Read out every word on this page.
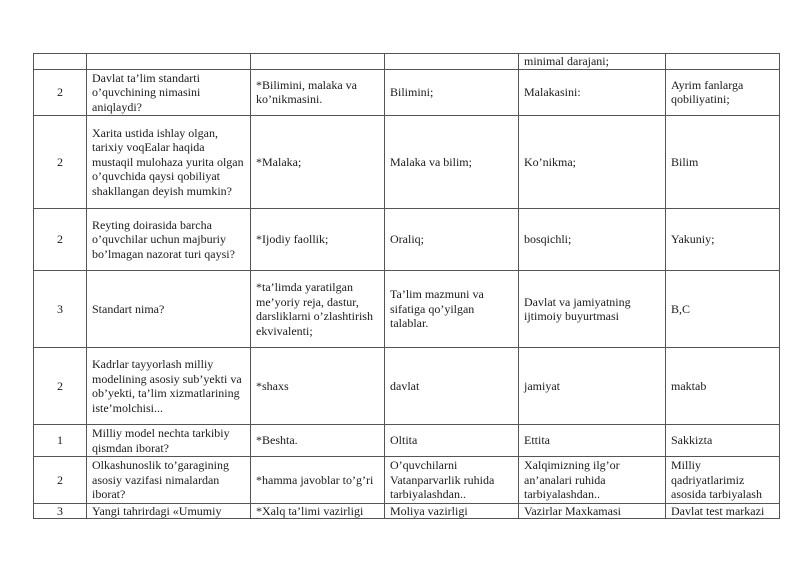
				minimal darajani;	
2	Davlat ta’lim standarti o’quvchining nimasini aniqlaydi?	*Bilimini, malaka va ko’nikmasini.	Bilimini;	Malakasini:	Ayrim fanlarga qobiliyatini;
2	Xarita ustida ishlay olgan, tarixiy voqEalar haqida mustaqil mulohaza yurita olgan o’quvchida qaysi qobiliyat shakllangan deyish mumkin?	*Malaka;	Malaka va bilim;	Ko’nikma;	Bilim
2	Reyting doirasida barcha o’quvchilar uchun majburiy bo’lmagan nazorat turi qaysi?	*Ijodiy faollik;	Oraliq;	bosqichli;	Yakuniy;
3	Standart nima?	*ta’limda yaratilgan me’yoriy reja, dastur, darsliklarni o’zlashtirish ekvivalenti;	Ta’lim mazmuni va sifatiga qo’yilgan talablar.	Davlat va jamiyatning ijtimoiy buyurtmasi	B,C
2	Kadrlar tayyorlash milliy modelining asosiy sub’yekti va ob’yekti, ta’lim xizmatlarining iste’molchisi...	*shaxs	davlat	jamiyat	maktab
1	Milliy model nechta tarkibiy qismdan iborat?	*Beshta.	Oltita	Ettita	Sakkizta
2	Olkashunoslik to’garagining asosiy vazifasi nimalardan iborat?	*hamma javoblar to’g’ri	O’quvchilarni Vatanparvarlik ruhida tarbiyalashdan..	Xalqimizning ilg’or an’analari ruhida tarbiyalashdan..	Milliy qadriyatlarimiz asosida tarbiyalash
3	Yangi tahrirdagi «Umumiy	*Xalq ta’limi vazirligi	Moliya vazirligi	Vazirlar Maxkamasi	Davlat test markazi
